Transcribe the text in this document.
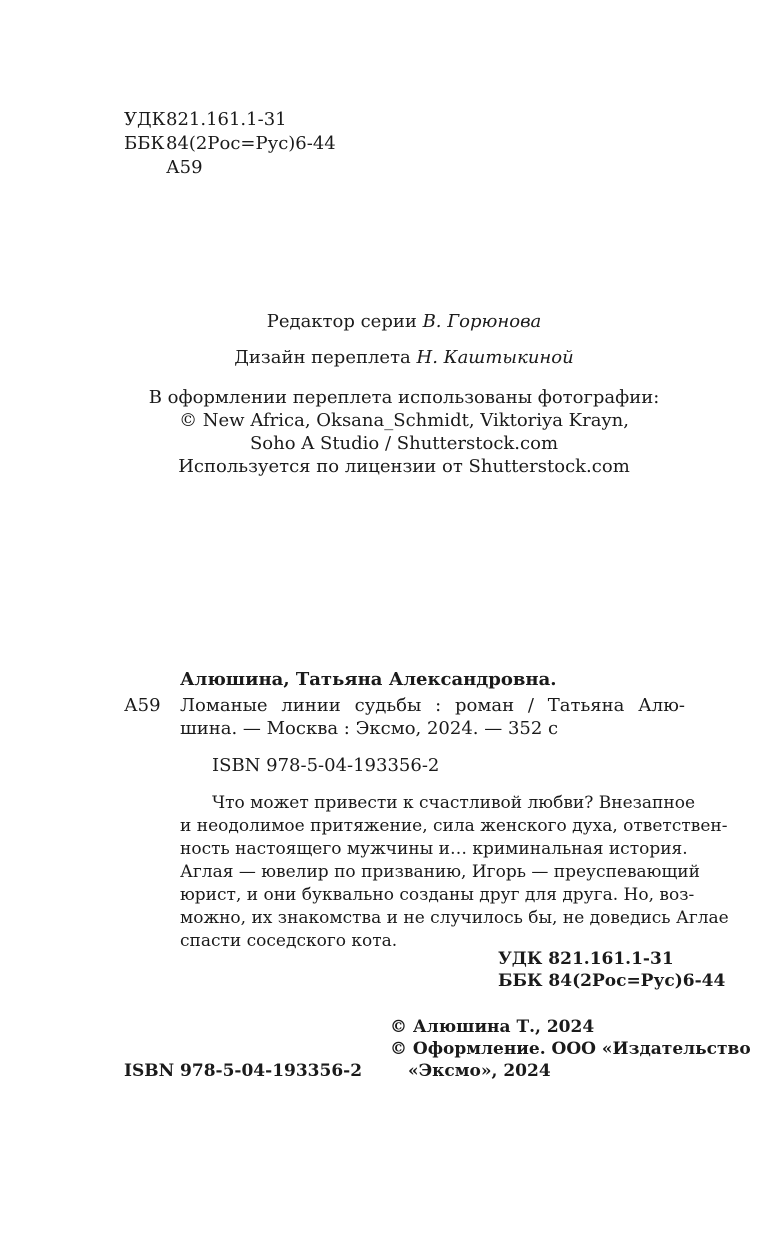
УДК 821.161.1-31
ББК 84(2Рос=Рус)6-44
А59
Редактор серии В. Горюнова
Дизайн переплета Н. Каштыкиной
В оформлении переплета использованы фотографии:
© New Africa, Oksana_Schmidt, Viktoriya Krayn,
Soho A Studio / Shutterstock.com
Используется по лицензии от Shutterstock.com
Алюшина, Татьяна Александровна.
А59 Ломаные линии судьбы : роман / Татьяна Алю-
шина. — Москва : Эксмо, 2024. — 352 с
ISBN 978-5-04-193356-2
Что может привести к счастливой любви? Внезапное
и неодолимое притяжение, сила женского духа, ответствен-
ность настоящего мужчины и… криминальная история.
Аглая — ювелир по призванию, Игорь — преуспевающий
юрист, и они буквально созданы друг для друга. Но, воз-
можно, их знакомства и не случилось бы, не доведись Аглае
спасти соседского кота.
УДК 821.161.1-31
ББК 84(2Рос=Рус)6-44
© Алюшина Т., 2024
© Оформление. ООО «Издательство
«Эксмо», 2024
ISBN 978-5-04-193356-2
